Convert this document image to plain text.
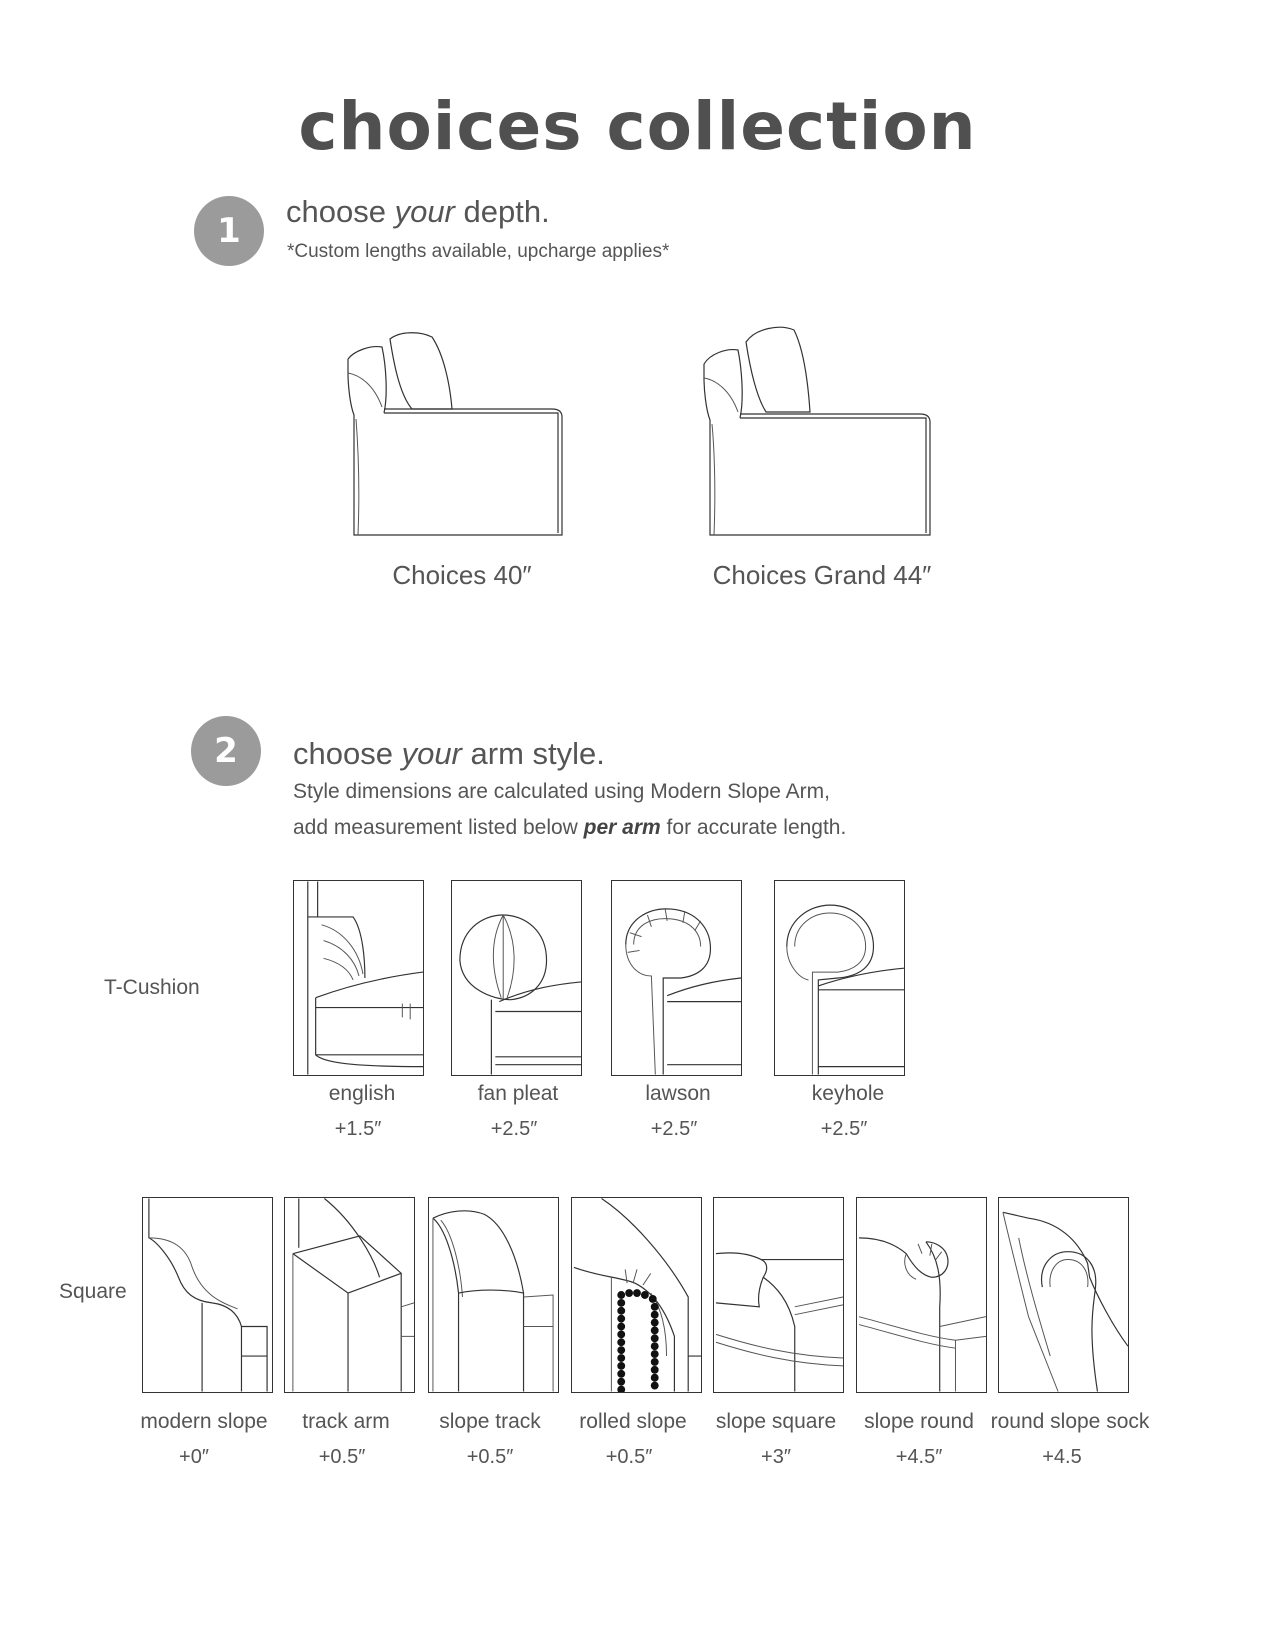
choices collection
1	choose your depth.
*Custom lengths available, upcharge applies*
Choices 40″	Choices Grand 44″
2	choose your arm style.
Style dimensions are calculated using Modern Slope Arm,
add measurement listed below per arm for accurate length.
T-Cushion
english
+1.5″
fan pleat
+2.5″
lawson
+2.5″
keyhole
+2.5″
Square
modern slope
+0″
track arm
+0.5″
slope track
+0.5″
rolled slope
+0.5″
slope square
+3″
slope round
+4.5″
round slope sock
+4.5
